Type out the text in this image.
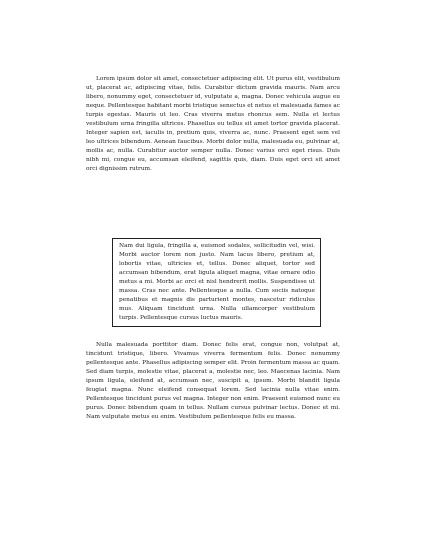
Lorem ipsum dolor sit amet, consectetuer adipiscing elit. Ut purus elit, vestibulum ut, placerat ac, adipiscing vitae, felis. Curabitur dictum gravida mauris. Nam arcu libero, nonummy eget, consectetuer id, vulputate a, magna. Donec vehicula augue eu neque. Pellentesque habitant morbi tristique senectus et netus et malesuada fames ac turpis egestas. Mauris ut leo. Cras viverra metus rhoncus sem. Nulla et lectus vestibulum urna fringilla ultrices. Phasellus eu tellus sit amet tortor gravida placerat. Integer sapien est, iaculis in, pretium quis, viverra ac, nunc. Praesent eget sem vel leo ultrices bibendum. Aenean faucibus. Morbi dolor nulla, malesuada eu, pulvinar at, mollis ac, nulla. Curabitur auctor semper nulla. Donec varius orci eget risus. Duis nibh mi, congue eu, accumsan eleifend, sagittis quis, diam. Duis eget orci sit amet orci dignissim rutrum.

Nam dui ligula, fringilla a, euismod sodales, sollicitudin vel, wisi. Morbi auctor lorem non justo. Nam lacus libero, pretium at, lobortis vitae, ultricies et, tellus. Donec aliquet, tortor sed accumsan bibendum, erat ligula aliquet magna, vitae ornare odio metus a mi. Morbi ac orci et nisl hendrerit mollis. Suspendisse ut massa. Cras nec ante. Pellentesque a nulla. Cum sociis natoque penatibus et magnis dis parturient montes, nascetur ridiculus mus. Aliquam tincidunt urna. Nulla ullamcorper vestibulum turpis. Pellentesque cursus luctus mauris.

Nulla malesuada porttitor diam. Donec felis erat, congue non, volutpat at, tincidunt tristique, libero. Vivamus viverra fermentum felis. Donec nonummy pellentesque ante. Phasellus adipiscing semper elit. Proin fermentum massa ac quam. Sed diam turpis, molestie vitae, placerat a, molestie nec, leo. Maecenas lacinia. Nam ipsum ligula, eleifend at, accumsan nec, suscipit a, ipsum. Morbi blandit ligula feugiat magna. Nunc eleifend consequat lorem. Sed lacinia nulla vitae enim. Pellentesque tincidunt purus vel magna. Integer non enim. Praesent euismod nunc eu purus. Donec bibendum quam in tellus. Nullam cursus pulvinar lectus. Donec et mi. Nam vulputate metus eu enim. Vestibulum pellentesque felis eu massa.
